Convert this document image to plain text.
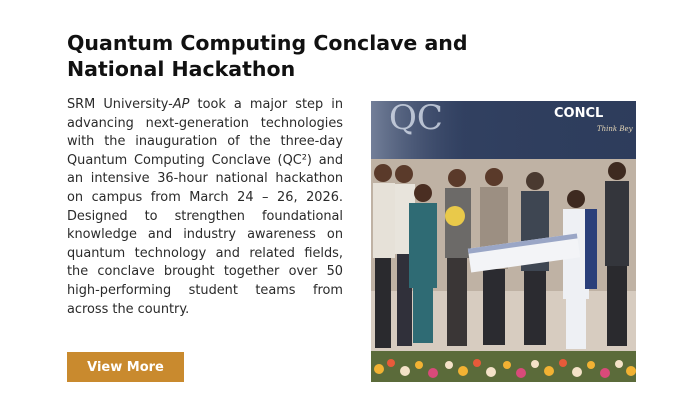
Quantum Computing Conclave and
National Hackathon

SRM University-AP took a major step in
advancing next-generation technologies
with the inauguration of the three-day
Quantum Computing Conclave (QC²) and
an intensive 36-hour national hackathon
on campus from March 24 – 26, 2026.
Designed to strengthen foundational
knowledge and industry awareness on
quantum technology and related fields,
the conclave brought together over 50
high-performing student teams from
across the country.

View More
QC	CONCL
Think Bey
